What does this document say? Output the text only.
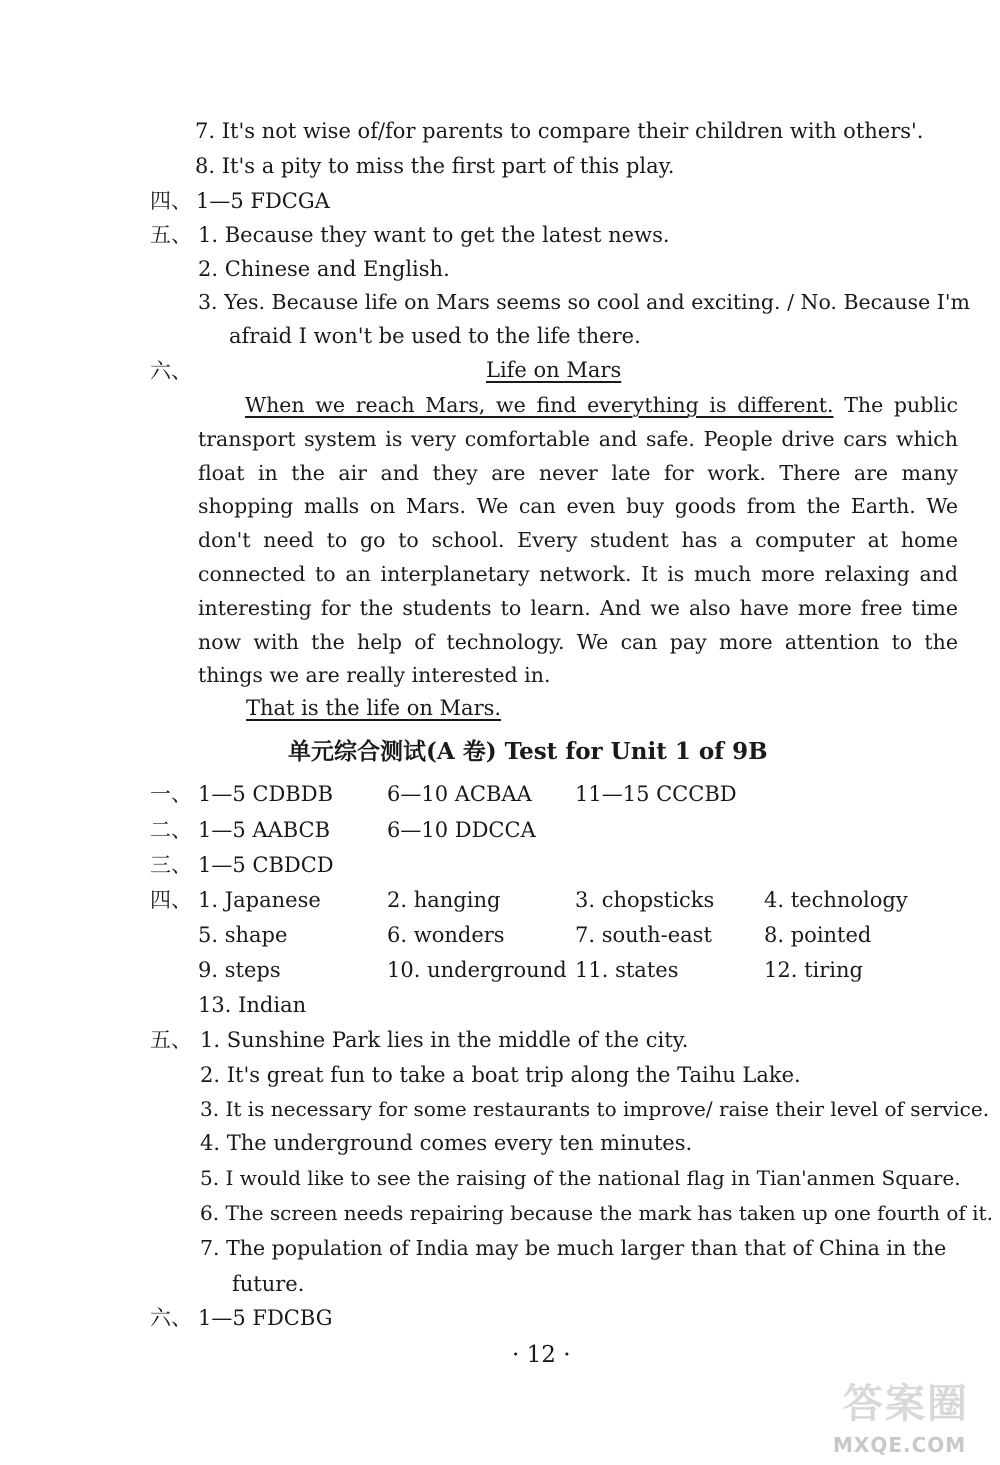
7. It's not wise of/for parents to compare their children with others'.
8. It's a pity to miss the first part of this play.
四、 1—5 FDCGA
五、 1. Because they want to get the latest news.
2. Chinese and English.
3. Yes. Because life on Mars seems so cool and exciting. / No. Because I'm
afraid I won't be used to the life there.
六、	Life on Mars
When we reach Mars, we find everything is different. The public transport system is very comfortable and safe. People drive cars which float in the air and they are never late for work. There are many shopping malls on Mars. We can even buy goods from the Earth. We don't need to go to school. Every student has a computer at home connected to an interplanetary network. It is much more relaxing and interesting for the students to learn. And we also have more free time now with the help of technology. We can pay more attention to the things we are really interested in.
That is the life on Mars.
单元综合测试(A 卷) Test for Unit 1 of 9B
一、 1—5 CDBDB	6—10 ACBAA 11—15 CCCBD
二、 1—5 AABCB	6—10 DDCCA
三、 1—5 CBDCD
四、 1. Japanese	2. hanging	3. chopsticks 4. technology
5. shape	6. wonders	7. south-east 8. pointed
9. steps	10. underground 11. states	12. tiring
13. Indian
五、 1. Sunshine Park lies in the middle of the city.
2. It's great fun to take a boat trip along the Taihu Lake.
3. It is necessary for some restaurants to improve/ raise their level of service.
4. The underground comes every ten minutes.
5. I would like to see the raising of the national flag in Tian'anmen Square.
6. The screen needs repairing because the mark has taken up one fourth of it.
7. The population of India may be much larger than that of China in the
future.
六、 1—5 FDCBG
· 12 ·
答案圈
MXQE.COM
